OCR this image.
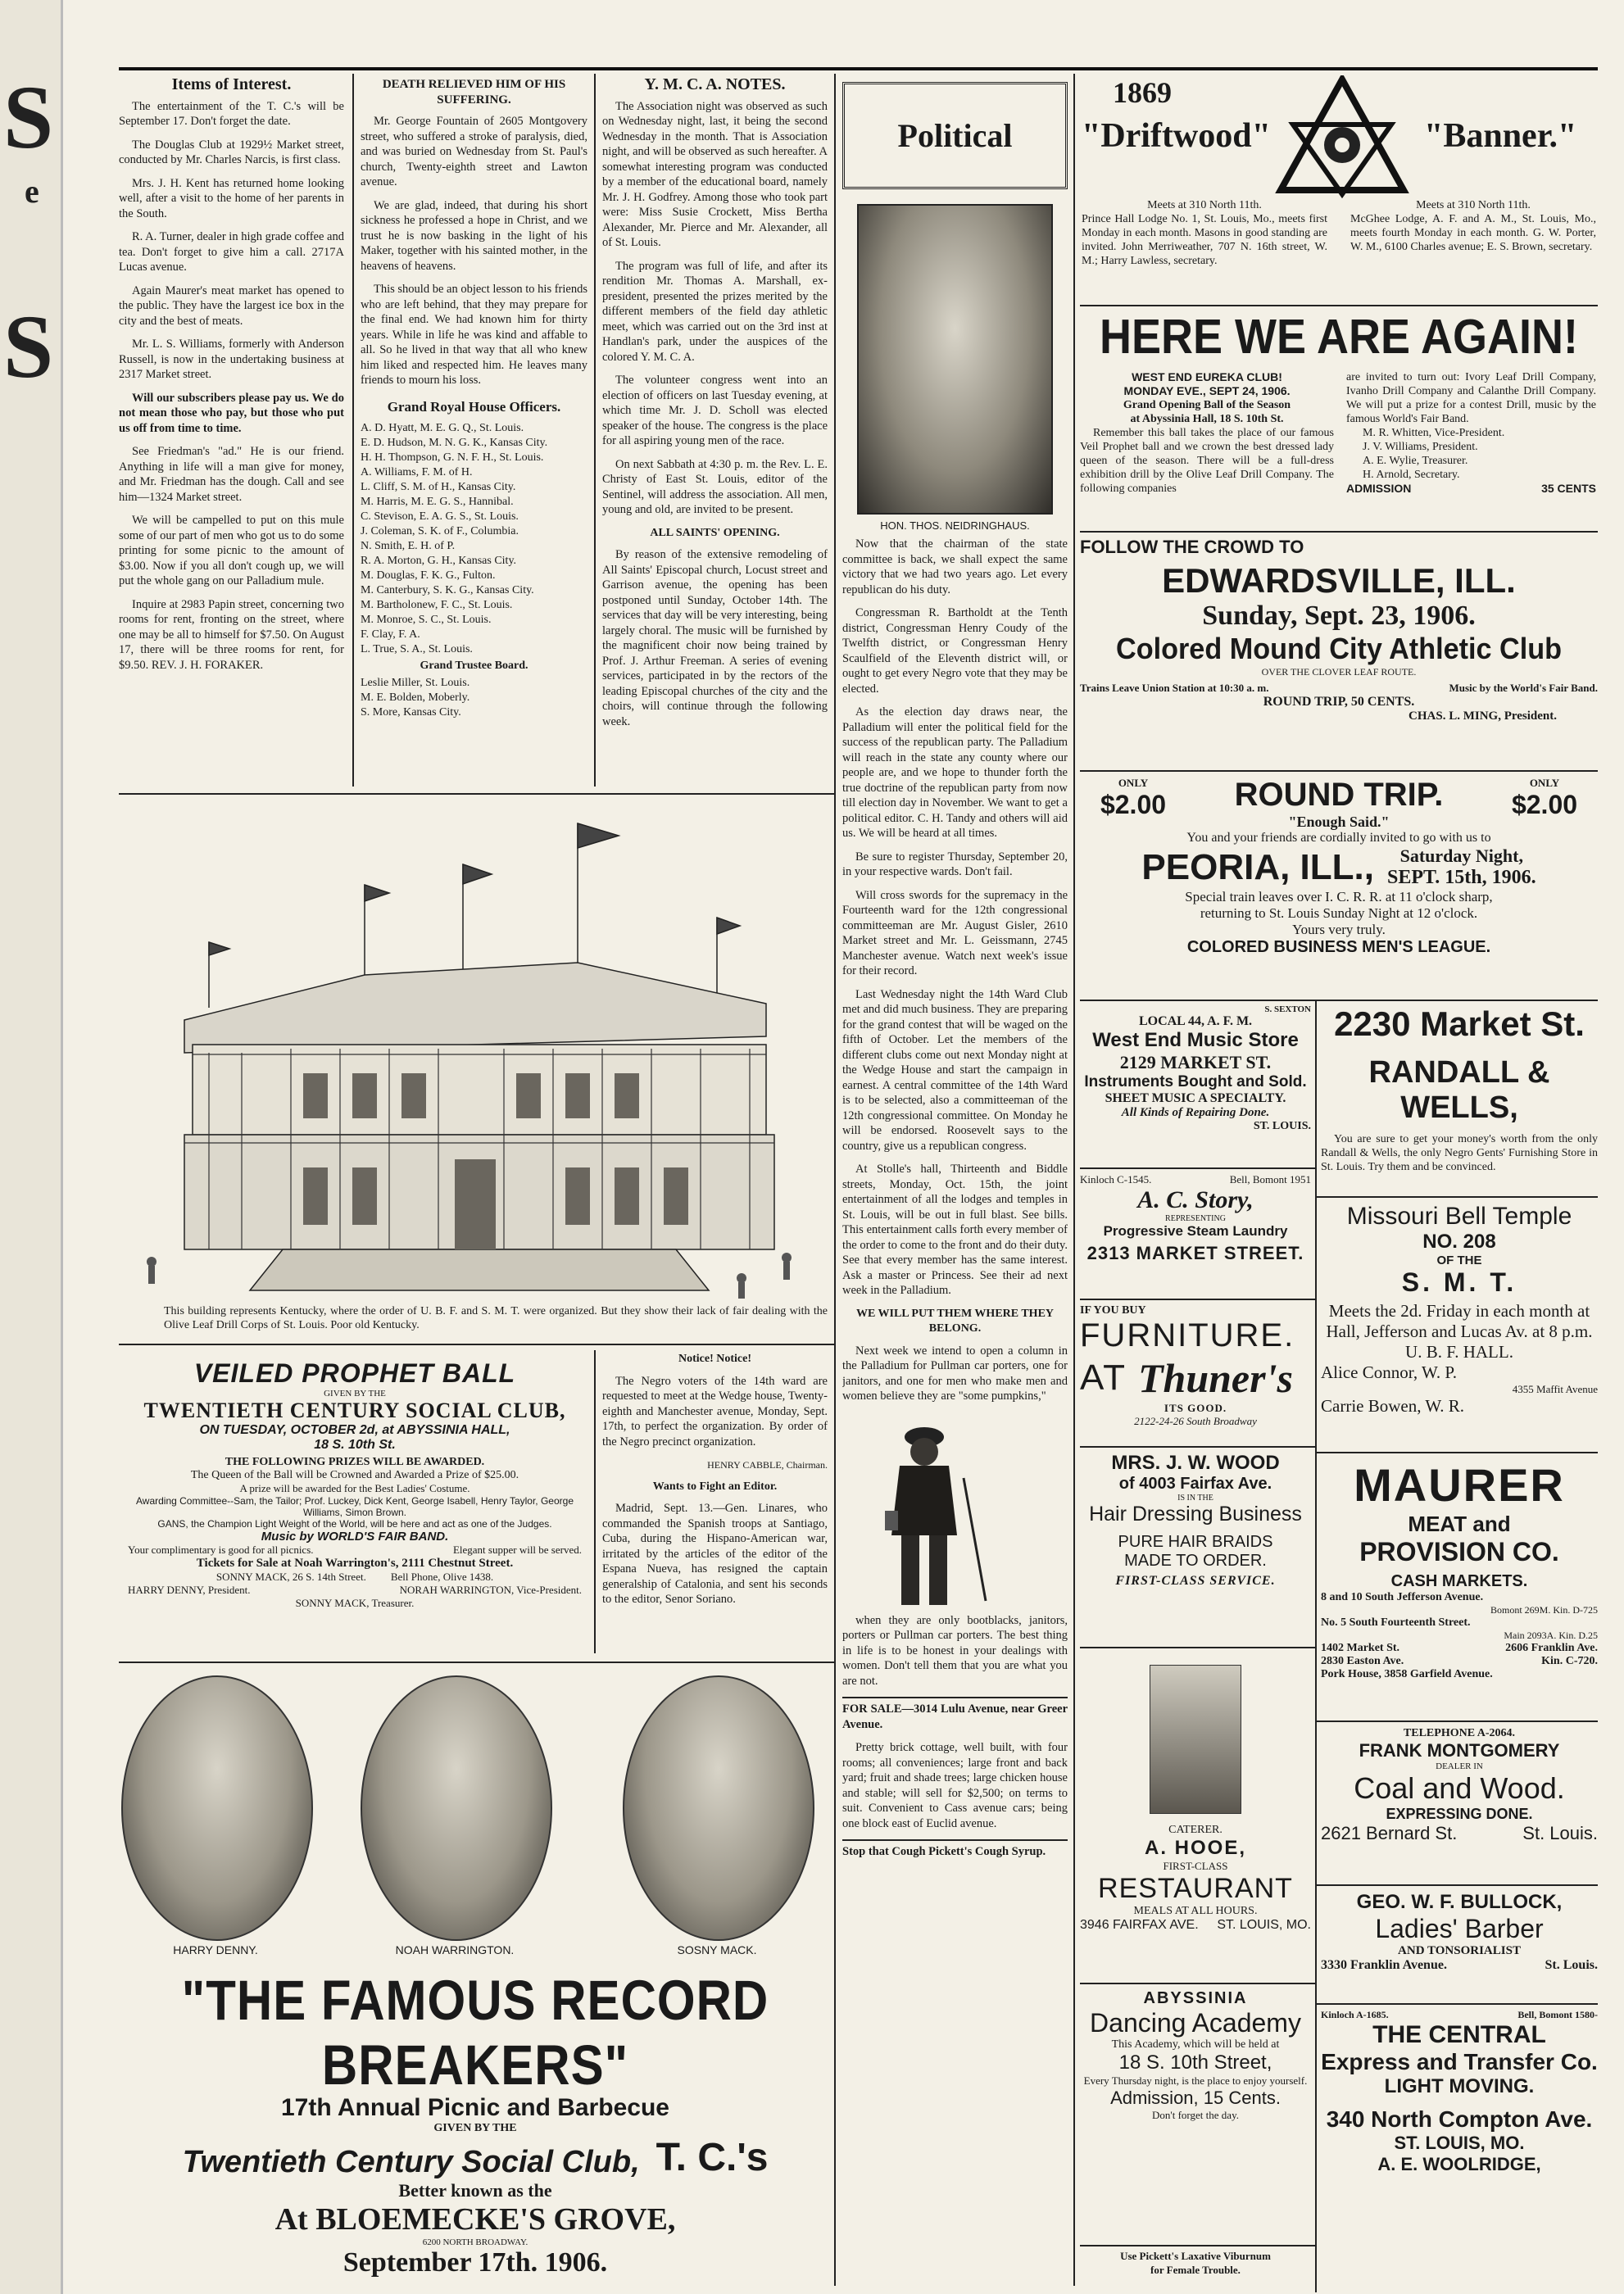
S
e
S
Items of Interest.

The entertainment of the T. C.'s will be September 17. Don't forget the date.

The Douglas Club at 1929½ Market street, conducted by Mr. Charles Narcis, is first class.

Mrs. J. H. Kent has returned home looking well, after a visit to the home of her parents in the South.

R. A. Turner, dealer in high grade coffee and tea. Don't forget to give him a call. 2717A Lucas avenue.

Again Maurer's meat market has opened to the public. They have the largest ice box in the city and the best of meats.

Mr. L. S. Williams, formerly with Anderson Russell, is now in the undertaking business at 2317 Market street.

Will our subscribers please pay us. We do not mean those who pay, but those who put us off from time to time.

See Friedman's "ad." He is our friend. Anything in life will a man give for money, and Mr. Friedman has the dough. Call and see him—1324 Market street.

We will be campelled to put on this mule some of our part of men who got us to do some printing for some picnic to the amount of $3.00. Now if you all don't cough up, we will put the whole gang on our Palladium mule.

Inquire at 2983 Papin street, concerning two rooms for rent, fronting on the street, where one may be all to himself for $7.50. On August 17, there will be three rooms for rent, for $9.50. REV. J. H. FORAKER.

DEATH RELIEVED HIM OF HIS SUFFERING.

Mr. George Fountain of 2605 Montgovery street, who suffered a stroke of paralysis, died, and was buried on Wednesday from St. Paul's church, Twenty-eighth street and Lawton avenue.

We are glad, indeed, that during his short sickness he professed a hope in Christ, and we trust he is now basking in the light of his Maker, together with his sainted mother, in the heavens of heavens.

This should be an object lesson to his friends who are left behind, that they may prepare for the final end. We had known him for thirty years. While in life he was kind and affable to all. So he lived in that way that all who knew him liked and respected him. He leaves many friends to mourn his loss.

Grand Royal House Officers.
A. D. Hyatt, M. E. G. Q., St. Louis.
E. D. Hudson, M. N. G. K., Kansas City.
H. H. Thompson, G. N. F. H., St. Louis.
A. Williams, F. M. of H.
L. Cliff, S. M. of H., Kansas City.
M. Harris, M. E. G. S., Hannibal.
C. Stevison, E. A. G. S., St. Louis.
J. Coleman, S. K. of F., Columbia.
N. Smith, E. H. of P.
R. A. Morton, G. H., Kansas City.
M. Douglas, F. K. G., Fulton.
M. Canterbury, S. K. G., Kansas City.
M. Bartholonew, F. C., St. Louis.
M. Monroe, S. C., St. Louis.
F. Clay, F. A.
L. True, S. A., St. Louis.
Grand Trustee Board.
Leslie Miller, St. Louis.
M. E. Bolden, Moberly.
S. More, Kansas City.
Y. M. C. A. NOTES.

The Association night was observed as such on Wednesday night, last, it being the second Wednesday in the month. That is Association night, and will be observed as such hereafter. A somewhat interesting program was conducted by a member of the educational board, namely Mr. J. H. Godfrey. Among those who took part were: Miss Susie Crockett, Miss Bertha Alexander, Mr. Pierce and Mr. Alexander, all of St. Louis.

The program was full of life, and after its rendition Mr. Thomas A. Marshall, ex-president, presented the prizes merited by the different members of the field day athletic meet, which was carried out on the 3rd inst at Handlan's park, under the auspices of the colored Y. M. C. A.

The volunteer congress went into an election of officers on last Tuesday evening, at which time Mr. J. D. Scholl was elected speaker of the house. The congress is the place for all aspiring young men of the race.

On next Sabbath at 4:30 p. m. the Rev. L. E. Christy of East St. Louis, editor of the Sentinel, will address the association. All men, young and old, are invited to be present.

ALL SAINTS' OPENING.

By reason of the extensive remodeling of All Saints' Episcopal church, Locust street and Garrison avenue, the opening has been postponed until Sunday, October 14th. The services that day will be very interesting, being largely choral. The music will be furnished by the magnificent choir now being trained by Prof. J. Arthur Freeman. A series of evening services, participated in by the rectors of the leading Episcopal churches of the city and the choirs, will continue through the following week.

This building represents Kentucky, where the order of U. B. F. and S. M. T. were organized. But they show their lack of fair dealing with the Olive Leaf Drill Corps of St. Louis. Poor old Kentucky.
VEILED PROPHET BALL
GIVEN BY THE
TWENTIETH CENTURY SOCIAL CLUB,
ON TUESDAY, OCTOBER 2d, at ABYSSINIA HALL,
18 S. 10th St.
THE FOLLOWING PRIZES WILL BE AWARDED.
The Queen of the Ball will be Crowned and Awarded a Prize of $25.00.
A prize will be awarded for the Best Ladies' Costume.
Awarding Committee--Sam, the Tailor; Prof. Luckey, Dick Kent, George Isabell, Henry Taylor, George Williams, Simon Brown.
GANS, the Champion Light Weight of the World, will be here and act as one of the Judges.
Music by WORLD'S FAIR BAND.
Your complimentary is good for all picnics.	Elegant supper will be served.
Tickets for Sale at Noah Warrington's, 2111 Chestnut Street.
SONNY MACK, 26 S. 14th Street. Bell Phone, Olive 1438.
HARRY DENNY, President.	NORAH WARRINGTON, Vice-President.
SONNY MACK, Treasurer.
Notice! Notice!

The Negro voters of the 14th ward are requested to meet at the Wedge house, Twenty-eighth and Manchester avenue, Monday, Sept. 17th, to perfect the organization. By order of the Negro precinct organization.

HENRY CABBLE, Chairman.
Wants to Fight an Editor.

Madrid, Sept. 13.—Gen. Linares, who commanded the Spanish troops at Santiago, Cuba, during the Hispano-American war, irritated by the articles of the editor of the Espana Nueva, has resigned the captain generalship of Catalonia, and sent his seconds to the editor, Senor Soriano.

HARRY DENNY.	NOAH WARRINGTON.	SOSNY MACK.
"THE FAMOUS RECORD BREAKERS"
17th Annual Picnic and Barbecue
GIVEN BY THE
Twentieth Century Social Club, T. C.'s
Better known as the
At BLOEMECKE'S GROVE,
6200 NORTH BROADWAY.
September 17th. 1906.
Political
HON. THOS. NEIDRINGHAUS.

Now that the chairman of the state committee is back, we shall expect the same victory that we had two years ago. Let every republican do his duty.

Congressman R. Bartholdt at the Tenth district, Congressman Henry Coudy of the Twelfth district, or Congressman Henry Scaulfield of the Eleventh district will, or ought to get every Negro vote that they may be elected.

As the election day draws near, the Palladium will enter the political field for the success of the republican party. The Palladium will reach in the state any county where our people are, and we hope to thunder forth the true doctrine of the republican party from now till election day in November. We want to get a political editor. C. H. Tandy and others will aid us. We will be heard at all times.

Be sure to register Thursday, September 20, in your respective wards. Don't fail.

Will cross swords for the supremacy in the Fourteenth ward for the 12th congressional committeeman are Mr. August Gisler, 2610 Market street and Mr. L. Geissmann, 2745 Manchester avenue. Watch next week's issue for their record.

Last Wednesday night the 14th Ward Club met and did much business. They are preparing for the grand contest that will be waged on the fifth of October. Let the members of the different clubs come out next Monday night at the Wedge House and start the campaign in earnest. A central committee of the 14th Ward is to be selected, also a committeeman of the 12th congressional committee. On Monday he will be endorsed. Roosevelt says to the country, give us a republican congress.

At Stolle's hall, Thirteenth and Biddle streets, Monday, Oct. 15th, the joint entertainment of all the lodges and temples in St. Louis, will be out in full blast. See bills. This entertainment calls forth every member of the order to come to the front and do their duty. See that every member has the same interest. Ask a master or Princess. See their ad next week in the Palladium.

WE WILL PUT THEM WHERE THEY BELONG.

Next week we intend to open a column in the Palladium for Pullman car porters, one for janitors, and one for men who make men and women believe they are "some pumpkins,"

when they are only bootblacks, janitors, porters or Pullman car porters. The best thing in life is to be honest in your dealings with women. Don't tell them that you are what you are not.

FOR SALE—3014 Lulu Avenue, near Greer Avenue.

Pretty brick cottage, well built, with four rooms; all conveniences; large front and back yard; fruit and shade trees; large chicken house and stable; will sell for $2,500; on terms to suit. Convenient to Cass avenue cars; being one block east of Euclid avenue.

Stop that Cough Pickett's Cough Syrup.

1869
"Driftwood"	"Banner."
Meets at 310 North 11th.
Prince Hall Lodge No. 1, St. Louis, Mo., meets first Monday in each month. Masons in good standing are invited. John Merriweather, 707 N. 16th street, W. M.; Harry Lawless, secretary.
Meets at 310 North 11th.
McGhee Lodge, A. F. and A. M., St. Louis, Mo., meets fourth Monday in each month. G. W. Porter, W. M., 6100 Charles avenue; E. S. Brown, secretary.
HERE WE ARE AGAIN!
WEST END EUREKA CLUB!
MONDAY EVE., SEPT 24, 1906.
Grand Opening Ball of the Season
at Abyssinia Hall, 18 S. 10th St.
Remember this ball takes the place of our famous Veil Prophet ball and we crown the best dressed lady queen of the season. There will be a full-dress exhibition drill by the Olive Leaf Drill Company. The following companies
are invited to turn out: Ivory Leaf Drill Company, Ivanho Drill Company and Calanthe Drill Company. We will put a prize for a contest Drill, music by the famous World's Fair Band.
M. R. Whitten, Vice-President.
J. V. Williams, President.
A. E. Wylie, Treasurer.
H. Arnold, Secretary.
ADMISSION	35 CENTS
FOLLOW THE CROWD TO
EDWARDSVILLE, ILL.
Sunday, Sept. 23, 1906.
Colored Mound City Athletic Club
OVER THE CLOVER LEAF ROUTE.
Trains Leave Union Station at 10:30 a. m.	Music by the World's Fair Band.
ROUND TRIP, 50 CENTS.
CHAS. L. MING, President.
ONLY
$2.00
ONLY
$2.00
ROUND TRIP.
"Enough Said."
You and your friends are cordially invited to go with us to
PEORIA, ILL.,	Saturday Night,
SEPT. 15th, 1906.
Special train leaves over I. C. R. R. at 11 o'clock sharp,
returning to St. Louis Sunday Night at 12 o'clock.
Yours very truly.
COLORED BUSINESS MEN'S LEAGUE.
S. SEXTON
LOCAL 44, A. F. M.
West End Music Store
2129 MARKET ST.
Instruments Bought and Sold.
SHEET MUSIC A SPECIALTY.
All Kinds of Repairing Done.
ST. LOUIS.
Kinloch C-1545.	Bell, Bomont 1951
A. C. Story,
REPRESENTING
Progressive Steam Laundry
2313 MARKET STREET.
IF YOU BUY
FURNITURE.
AT Thuner's
ITS GOOD.
2122-24-26 South Broadway
MRS. J. W. WOOD
of 4003 Fairfax Ave.
IS IN THE
Hair Dressing Business
PURE HAIR BRAIDS
MADE TO ORDER.
FIRST-CLASS SERVICE.
CATERER.
A. HOOE,
FIRST-CLASS
RESTAURANT
MEALS AT ALL HOURS.
3946 FAIRFAX AVE. ST. LOUIS, MO.
ABYSSINIA
Dancing Academy
This Academy, which will be held at
18 S. 10th Street,
Every Thursday night, is the place to enjoy yourself.
Admission, 15 Cents.
Don't forget the day.
Use Pickett's Laxative Viburnum
for Female Trouble.
2230 Market St.
RANDALL & WELLS,
You are sure to get your money's worth from the only Randall & Wells, the only Negro Gents' Furnishing Store in St. Louis. Try them and be convinced.
Missouri Bell Temple
NO. 208
OF THE
S. M. T.
Meets the 2d. Friday in each month at Hall, Jefferson and Lucas Av. at 8 p.m.
U. B. F. HALL.
Alice Connor, W. P.
4355 Maffit Avenue
Carrie Bowen, W. R.
MAURER
MEAT and
PROVISION CO.
CASH MARKETS.
8 and 10 South Jefferson Avenue.
Bomont 269M. Kin. D-725
No. 5 South Fourteenth Street.
Main 2093A. Kin. D.25
1402 Market St.	2606 Franklin Ave.
2830 Easton Ave.	Kin. C-720.
Pork House, 3858 Garfield Avenue.
TELEPHONE A-2064.
FRANK MONTGOMERY
DEALER IN
Coal and Wood.
EXPRESSING DONE.
2621 Bernard St.	St. Louis.
GEO. W. F. BULLOCK,
Ladies' Barber
AND TONSORIALIST
3330 Franklin Avenue.	St. Louis.
Kinloch A-1685.	Bell, Bomont 1580-
THE CENTRAL
Express and Transfer Co.
LIGHT MOVING.
340 North Compton Ave.
ST. LOUIS, MO.
A. E. WOOLRIDGE,
